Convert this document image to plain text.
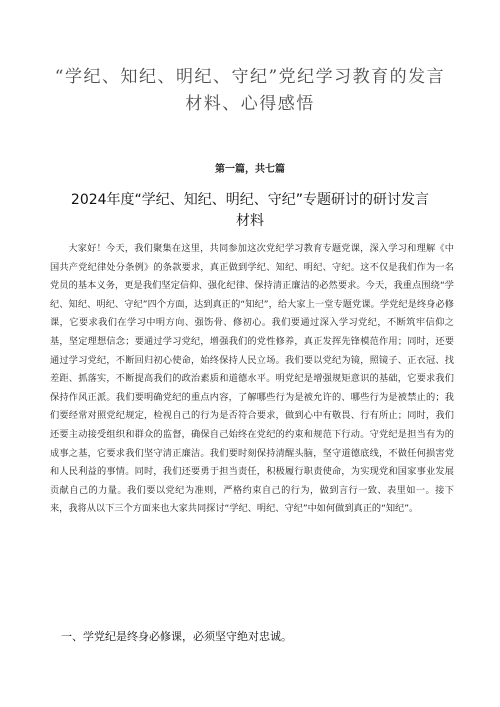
“学纪、知纪、明纪、守纪”党纪学习教育的发言
材料、心得感悟

第一篇，共七篇

2024年度“学纪、知纪、明纪、守纪”专题研讨的研讨发言
材料

大家好！今天，我们聚集在这里，共同参加这次党纪学习教育专题党课，深入学习和理解《中国共产党纪律处分条例》的条款要求，真正做到学纪、知纪、明纪、守纪。这不仅是我们作为一名党员的基本义务，更是我们坚定信仰、强化纪律、保持清正廉洁的必然要求。今天，我重点围绕“学纪、知纪、明纪、守纪”四个方面，达到真正的“知纪”，给大家上一堂专题党课。学党纪是终身必修课，它要求我们在学习中明方向、强饬骨、修初心。我们要通过深入学习党纪，不断筑牢信仰之基，坚定理想信念；要通过学习党纪，增强我们的党性修养，真正发挥先锋模范作用；同时，还要通过学习党纪，不断回归初心使命，始终保持人民立场。我们要以党纪为镜，照镜子、正衣冠、找差距、抓落实，不断提高我们的政治素质和道德水平。明党纪是增强规矩意识的基础，它要求我们保持作风正派。我们要明确党纪的重点内容，了解哪些行为是被允许的、哪些行为是被禁止的；我们要经常对照党纪规定，检视自己的行为是否符合要求，做到心中有敬畏、行有所止；同时，我们还要主动接受组织和群众的监督，确保自己始终在党纪的约束和规范下行动。守党纪是担当有为的成事之基，它要求我们坚守清正廉洁。我们要时刻保持清醒头脑，坚守道德底线，不做任何损害党和人民利益的事情。同时，我们还要勇于担当责任，积极履行职责使命，为实现党和国家事业发展贡献自己的力量。我们要以党纪为准则，严格约束自己的行为，做到言行一致、表里如一。接下来，我将从以下三个方面来也大家共同探讨“学纪、明纪、守纪”中如何做到真正的“知纪”。

一、学党纪是终身必修课，必须坚守绝对忠诚。
